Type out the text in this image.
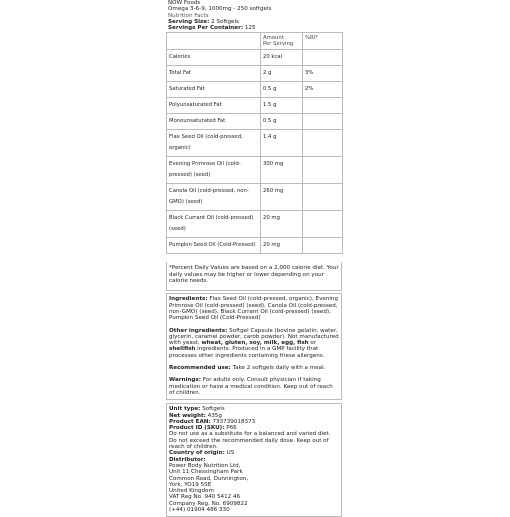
NOW Foods
Omega 3-6-9, 1000mg - 250 softgels
Nutrition Facts
Serving Size: 2 Softgels
Servings Per Container: 125
	Amount
Per Serving	%RI*
Calories	20 kcal	
Total Fat	2 g	3%
Saturated Fat	0.5 g	2%
Polyunsaturated Fat	1.5 g	
Monounsaturated Fat	0.5 g	
Flax Seed Oil (cold-pressed, organic)	1.4 g	
Evening Primrose Oil (cold-pressed) (seed)	300 mg	
Canola Oil (cold-pressed, non-GMO) (seed)	260 mg	
Black Currant Oil (cold-pressed) (seed)	20 mg	
Pumpkin Seed Oil (Cold-Pressed)	20 mg	
*Percent Daily Values are based on a 2,000 calorie diet. Your daily values may be higher or lower depending on your calorie needs.

Ingredients: Flax Seed Oil (cold-pressed, organic), Evening Primrose Oil (cold-pressed) (seed), Canola Oil (cold-pressed, non-GMO) (seed), Black Currant Oil (cold-pressed) (seed), Pumpkin Seed Oil (Cold-Pressed)

Other ingredients: Softgel Capsule (bovine gelatin, water, glycerin, caramel powder, carob powder). Not manufactured with yeast, wheat, gluten, soy, milk, egg, fish or shellfish ingredients. Produced in a GMP facility that processes other ingredients containing these allergens.

Recommended use: Take 2 softgels daily with a meal.

Warnings: For adults only. Consult physician if taking medication or have a medical condition. Keep out of reach of children.

Unit type: Softgels
Net weight: 435g
Product EAN: 733739018373
Product ID (SKU): P66
Do not use as a substitute for a balanced and varied diet. Do not exceed the recommended daily dose. Keep out of reach of children.
Country of origin: US
Distributor:
Power Body Nutrition Ltd,
Unit 11 Chessingham Park
Common Road, Dunnington,
York, YO19 5SE
United Kingdom
VAT Reg No. 940 5412 46
Company Reg. No. 6909822
(+44) 01904 486 330
